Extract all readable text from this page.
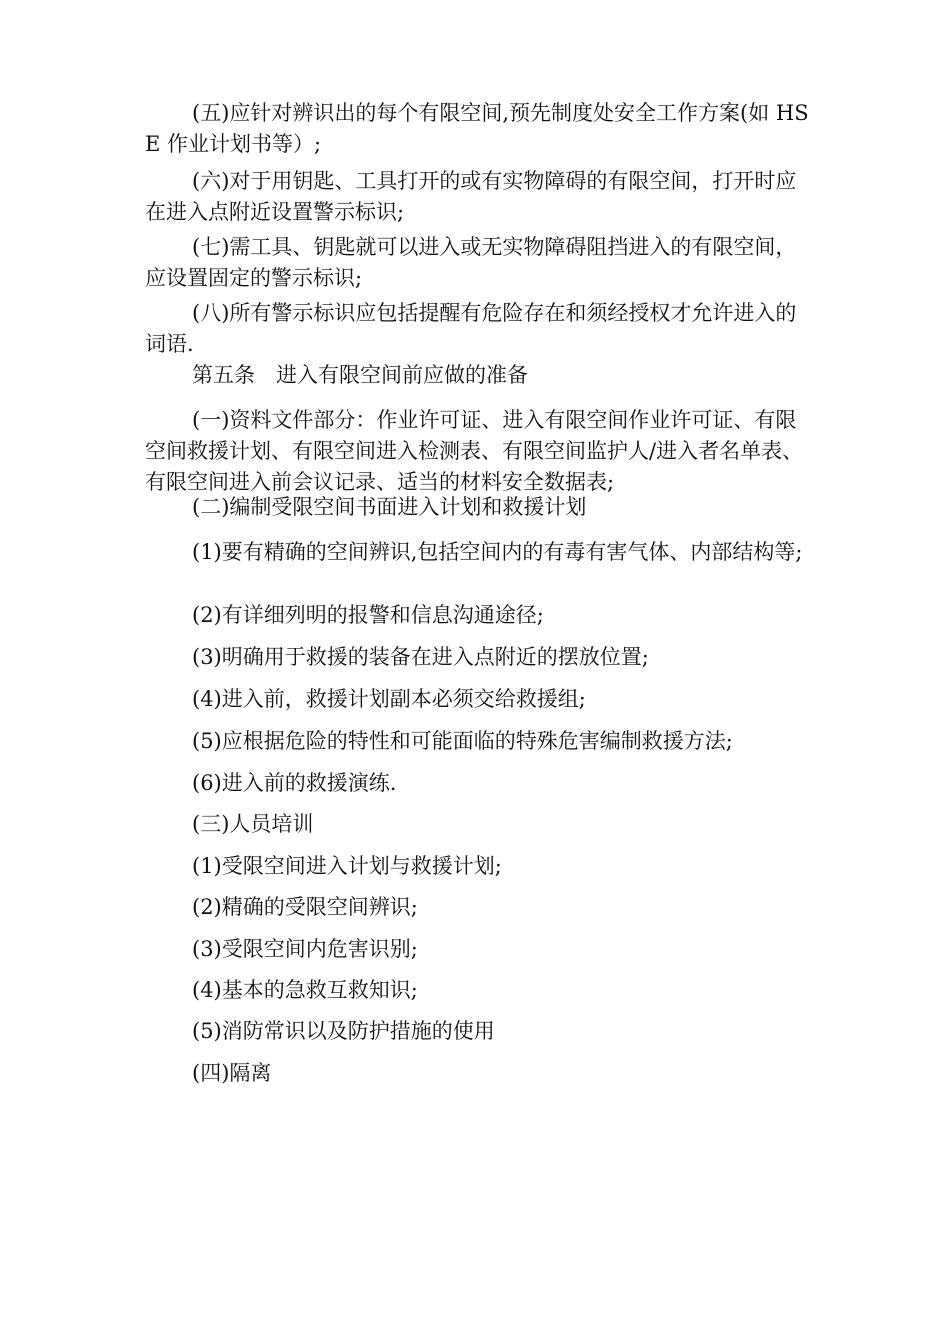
(五)应针对辨识出的每个有限空间,预先制度处安全工作方案(如 HSE 作业计划书等）;

(六)对于用钥匙、工具打开的或有实物障碍的有限空间，打开时应在进入点附近设置警示标识;

(七)需工具、钥匙就可以进入或无实物障碍阻挡进入的有限空间，应设置固定的警示标识;

(八)所有警示标识应包括提醒有危险存在和须经授权才允许进入的词语.

第五条　进入有限空间前应做的准备

(一)资料文件部分：作业许可证、进入有限空间作业许可证、有限空间救援计划、有限空间进入检测表、有限空间监护人/进入者名单表、有限空间进入前会议记录、适当的材料安全数据表;

(二)编制受限空间书面进入计划和救援计划

(1)要有精确的空间辨识,包括空间内的有毒有害气体、内部结构等;

(2)有详细列明的报警和信息沟通途径;

(3)明确用于救援的装备在进入点附近的摆放位置;

(4)进入前，救援计划副本必须交给救援组;

(5)应根据危险的特性和可能面临的特殊危害编制救援方法;

(6)进入前的救援演练.

(三)人员培训

(1)受限空间进入计划与救援计划;

(2)精确的受限空间辨识;

(3)受限空间内危害识别;

(4)基本的急救互救知识;

(5)消防常识以及防护措施的使用

(四)隔离
